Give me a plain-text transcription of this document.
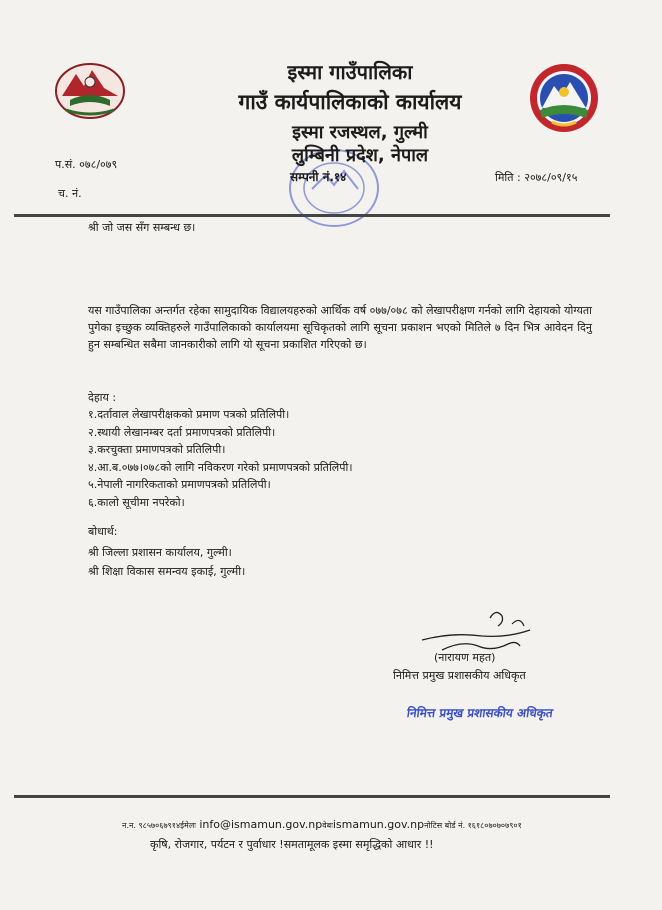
इस्मा गाउँपालिका
गाउँ कार्यपालिकाको कार्यालय
इस्मा रजस्थल, गुल्मी
लुम्बिनी प्रदेश, नेपाल
सम्पनी नं.१४
प.सं. ०७८/०७९
च. नं.
मिति : २०७८/०९/१५
श्री जो जस सँग सम्बन्ध छ।
यस गाउँपालिका अन्तर्गत रहेका सामुदायिक विद्यालयहरुको आर्थिक वर्ष ०७७/०७८ को लेखापरीक्षण गर्नको लागि देहायको योग्यता पुगेका इच्छुक व्यक्तिहरुले गाउँपालिकाको कार्यालयमा सूचिकृतको लागि सूचना प्रकाशन भएको मितिले ७ दिन भित्र आवेदन दिनु हुन सम्बन्धित सबैमा जानकारीको लागि यो सूचना प्रकाशित गरिएको छ।
देहाय :
१.दर्तावाल लेखापरीक्षकको प्रमाण पत्रको प्रतिलिपी।
२.स्थायी लेखानम्बर दर्ता प्रमाणपत्रको प्रतिलिपी।
३.करचुक्ता प्रमाणपत्रको प्रतिलिपी।
४.आ.ब.०७७।०७८को लागि नविकरण गरेको प्रमाणपत्रको प्रतिलिपी।
५.नेपाली नागरिकताको प्रमाणपत्रको प्रतिलिपी।
६.कालो सूचीमा नपरेको।
बोधार्थ:
श्री जिल्ला प्रशासन कार्यालय, गुल्मी।
श्री शिक्षा विकास समन्वय इकाई, गुल्मी।
(नारायण महत)
निमित्त प्रमुख प्रशासकीय अधिकृत
निमित्त प्रमुख प्रशासकीय अधिकृत
न.न. ९८५७०६७९१४ईमेलः info@ismamun.gov.npवेबःismamun.gov.npनोटिस बोर्ड नं. १६१८०७०७०७९०१
कृषि, रोजगार, पर्यटन र पुर्वाधार !समतामूलक इस्मा समृद्धिको आधार !!
